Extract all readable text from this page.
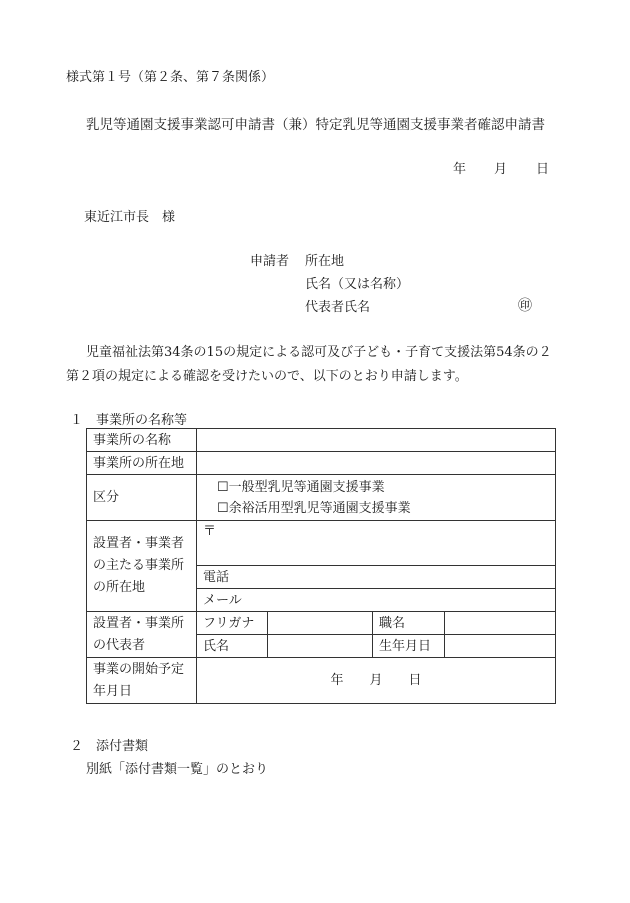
様式第１号（第２条、第７条関係）
乳児等通園支援事業認可申請書（兼）特定乳児等通園支援事業者確認申請書
年 月 日
東近江市長　様
申請者 所在地
氏名（又は名称）
代表者氏名	㊞
児童福祉法第34条の15の規定による認可及び子ども・子育て支援法第54条の２
第２項の規定による確認を受けたいので、以下のとおり申請します。
１　事業所の名称等
事業所の名称				
事業所の所在地				
区分	☐一般型乳児等通園支援事業
☐余裕活用型乳児等通園支援事業			

設置者・事業者の主たる事業所の所在地	〒			
	電話			
	メール			
設置者・事業所の代表者	フリガナ		職名	
	氏名		生年月日	
事業の開始予定年月日	年　　月　　日			
２　添付書類
別紙「添付書類一覧」のとおり
